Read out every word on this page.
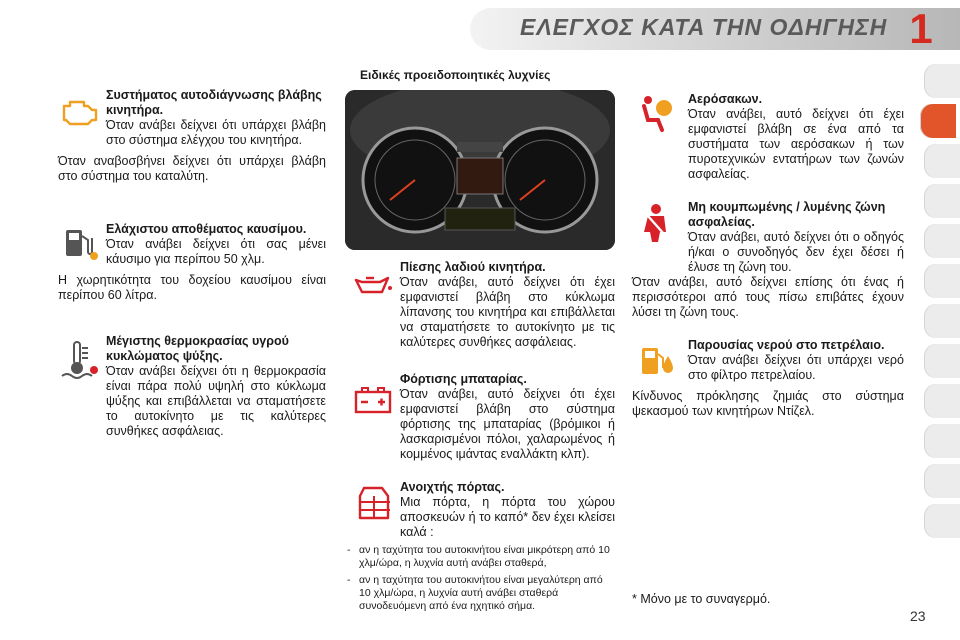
ΕΛΕΓΧΟΣ ΚΑΤΑ ΤΗΝ ΟΔΗΓΗΣΗ 1
Ειδικές προειδοποιητικές λυχνίες
Συστήματος αυτοδιάγνωσης βλάβης κινητήρα.

Όταν ανάβει δείχνει ότι υπάρχει βλάβη στο σύστημα ελέγχου του κινητήρα.

Όταν αναβοσβήνει δείχνει ότι υπάρχει βλάβη στο σύστημα του καταλύτη.

Ελάχιστου αποθέματος καυσίμου.

Όταν ανάβει δείχνει ότι σας μένει κάυσιμο για περίπου 50 χλμ.

Η χωρητικότητα του δοχείου καυσίμου είναι περίπου 60 λίτρα.

Μέγιστης θερμοκρασίας υγρού κυκλώματος ψύξης.

Όταν ανάβει δείχνει ότι η θερμοκρασία είναι πάρα πολύ υψηλή στο κύκλωμα ψύξης και επιβάλλεται να σταματήσετε το αυτοκίνητο με τις καλύτερες συνθήκες ασφάλειας.

Πίεσης λαδιού κινητήρα.

Όταν ανάβει, αυτό δείχνει ότι έχει εμφανιστεί βλάβη στο κύκλωμα λίπανσης του κινητήρα και επιβάλλεται να σταματήσετε το αυτοκίνητο με τις καλύτερες συνθήκες ασφάλειας.

Φόρτισης μπαταρίας.

Όταν ανάβει, αυτό δείχνει ότι έχει εμφανιστεί βλάβη στο σύστημα φόρτισης της μπαταρίας (βρόμικοι ή λασκαρισμένοι πόλοι, χαλαρωμένος ή κομμένος ιμάντας εναλλάκτη κλπ).

Ανοιχτής πόρτας.

Μια πόρτα, η πόρτα του χώρου αποσκευών ή το καπό* δεν έχει κλείσει καλά :

- αν η ταχύτητα του αυτοκινήτου είναι μικρότερη από 10 χλμ/ώρα, η λυχνία αυτή ανάβει σταθερά,
- αν η ταχύτητα του αυτοκινήτου είναι μεγαλύτερη από 10 χλμ/ώρα, η λυχνία αυτή ανάβει σταθερά συνοδευόμενη από ένα ηχητικό σήμα.
Αερόσακων.

Όταν ανάβει, αυτό δείχνει ότι έχει εμφανιστεί βλάβη σε ένα από τα συστήματα των αερόσακων ή των πυροτεχνικών εντατήρων των ζωνών ασφαλείας.

Μη κουμπωμένης / λυμένης ζώνη ασφαλείας.

Όταν ανάβει, αυτό δείχνει ότι ο οδηγός ή/και ο συνοδηγός δεν έχει δέσει ή έλυσε τη ζώνη του.

Όταν ανάβει, αυτό δείχνει επίσης ότι ένας ή περισσότεροι από τους πίσω επιβάτες έχουν λύσει τη ζώνη τους.

Παρουσίας νερού στο πετρέλαιο.

Όταν ανάβει δείχνει ότι υπάρχει νερό στο φίλτρο πετρελαίου.

Κίνδυνος πρόκλησης ζημιάς στο σύστημα ψεκασμού των κινητήρων Ντίζελ.

* Μόνο με το συναγερμό.
23
